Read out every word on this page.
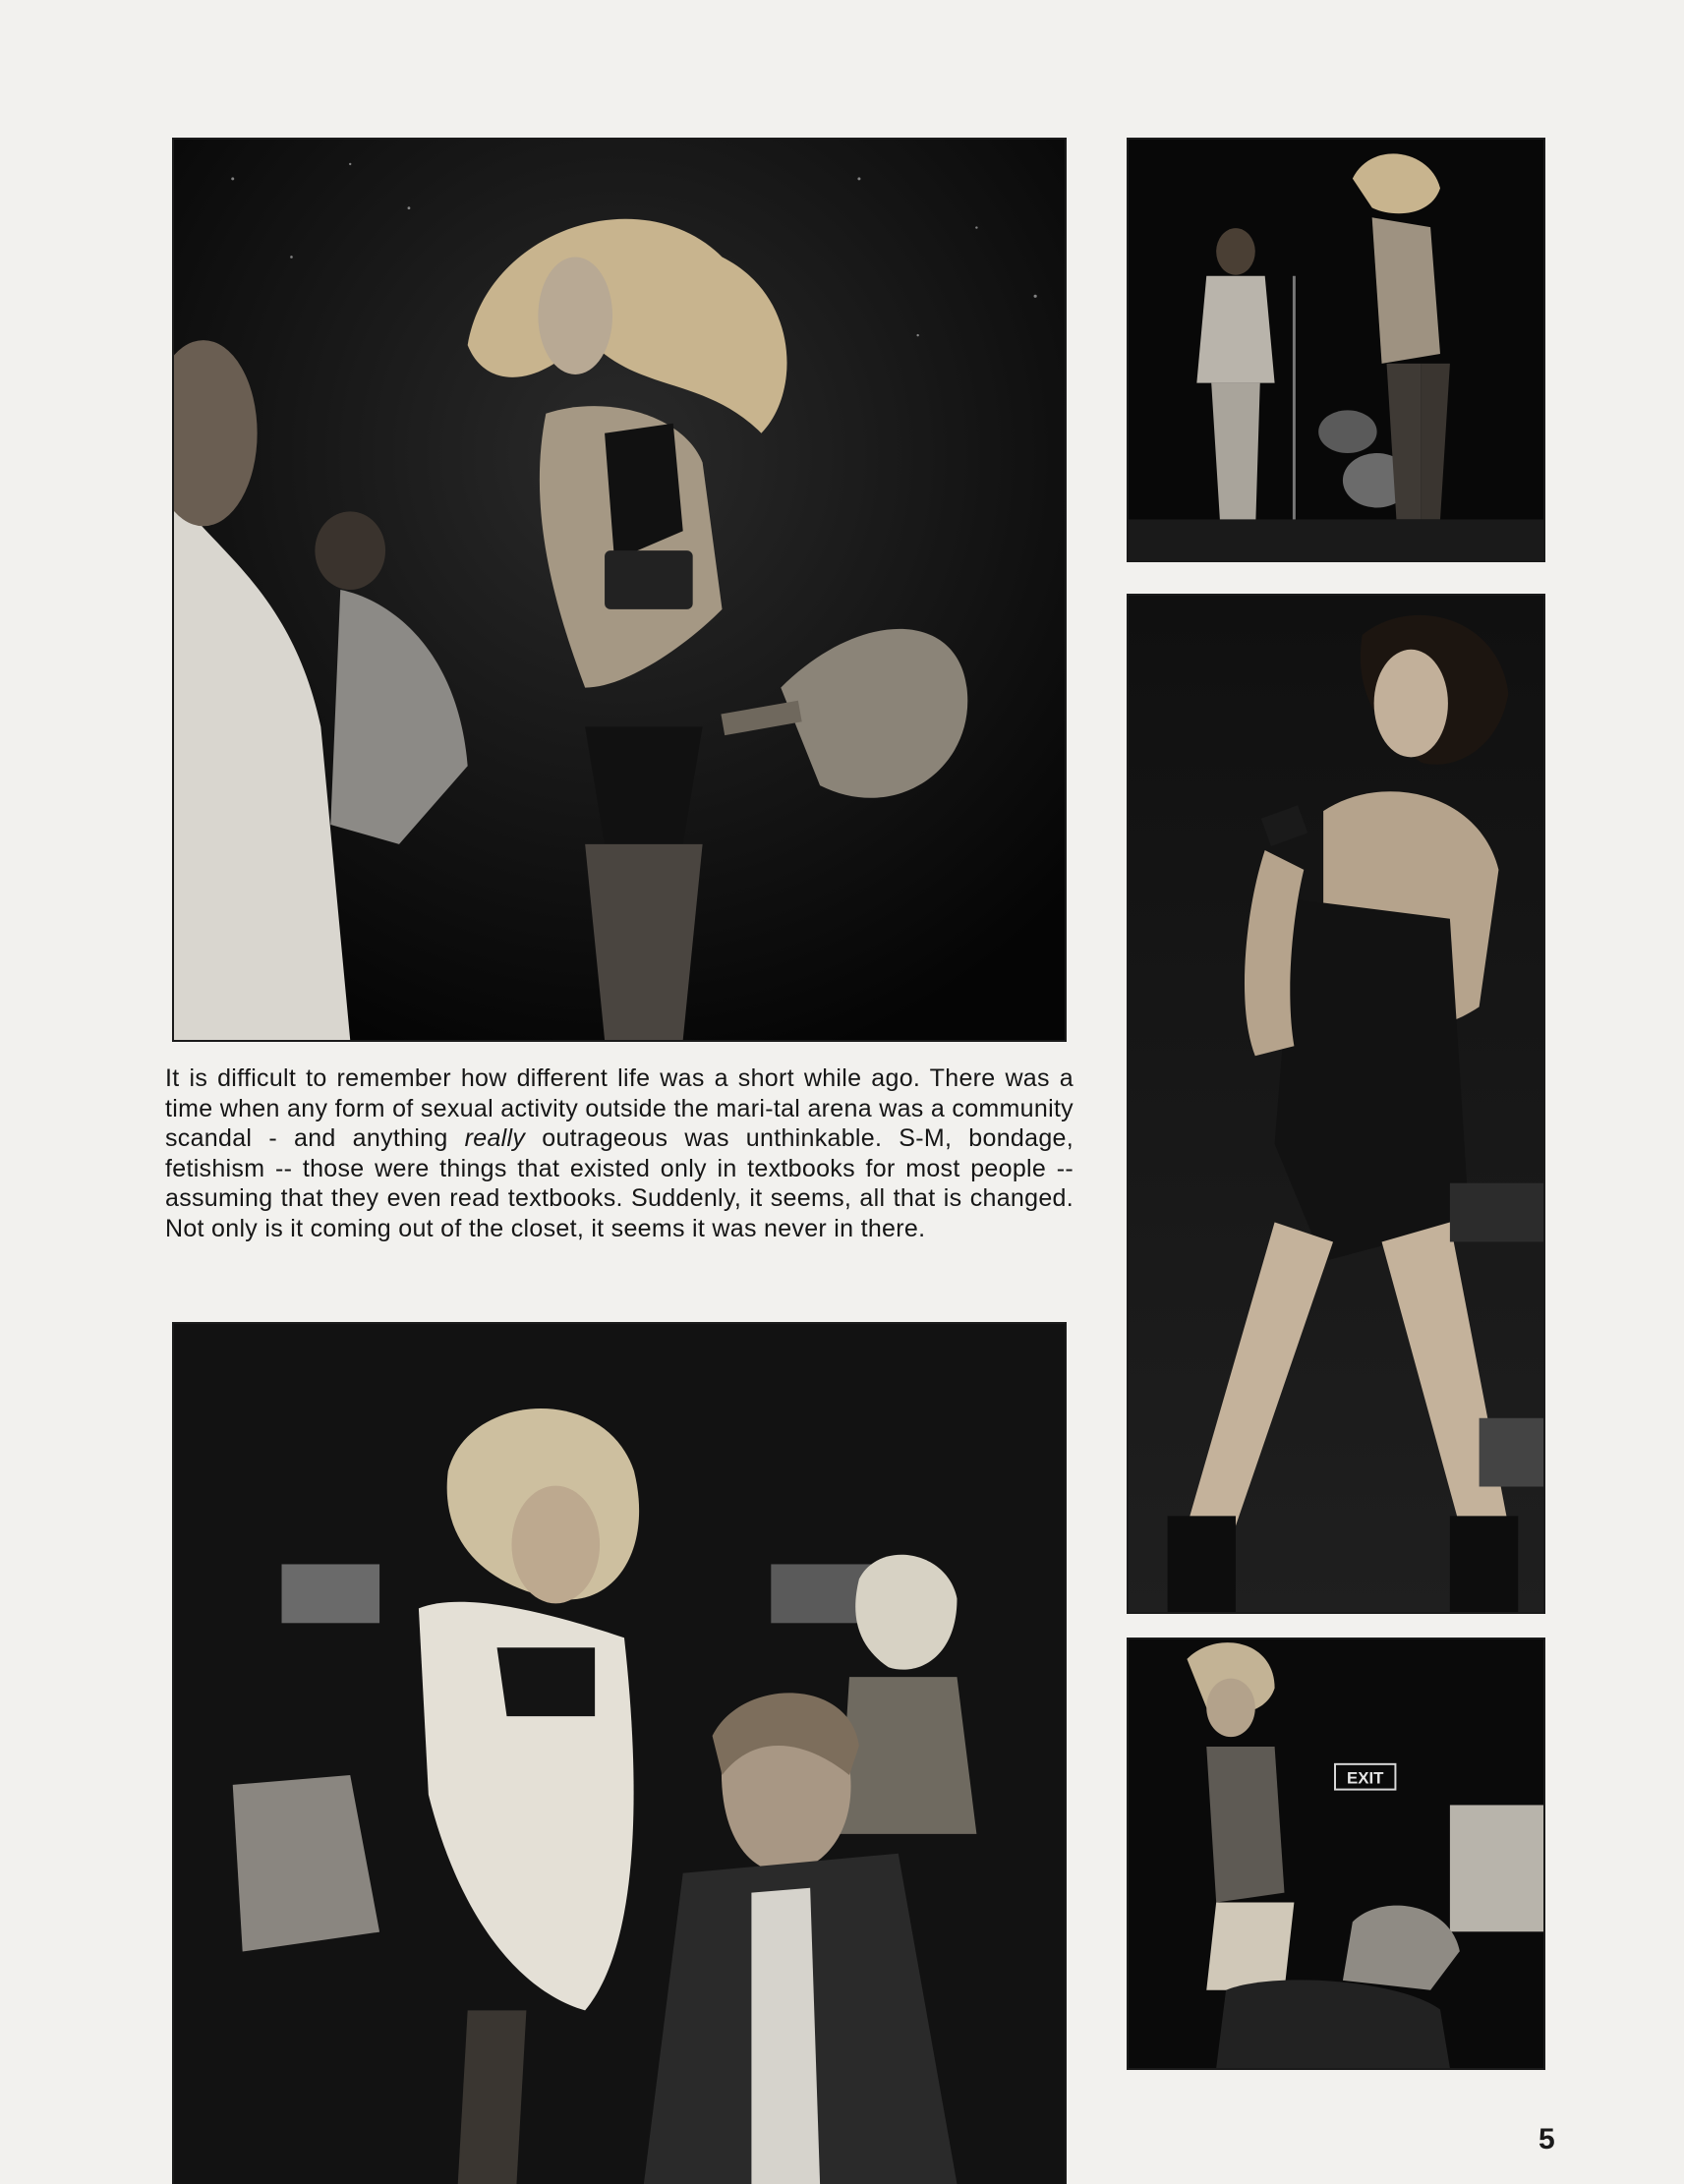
EXIT

It is difficult to remember how different life was a short while ago. There was a time when any form of sexual activity outside the mari-tal arena was a community scandal - and anything really outrageous was unthinkable. S-M, bondage, fetishism -- those were things that existed only in textbooks for most people -- assuming that they even read textbooks. Suddenly, it seems, all that is changed. Not only is it coming out of the closet, it seems it was never in there.

5
